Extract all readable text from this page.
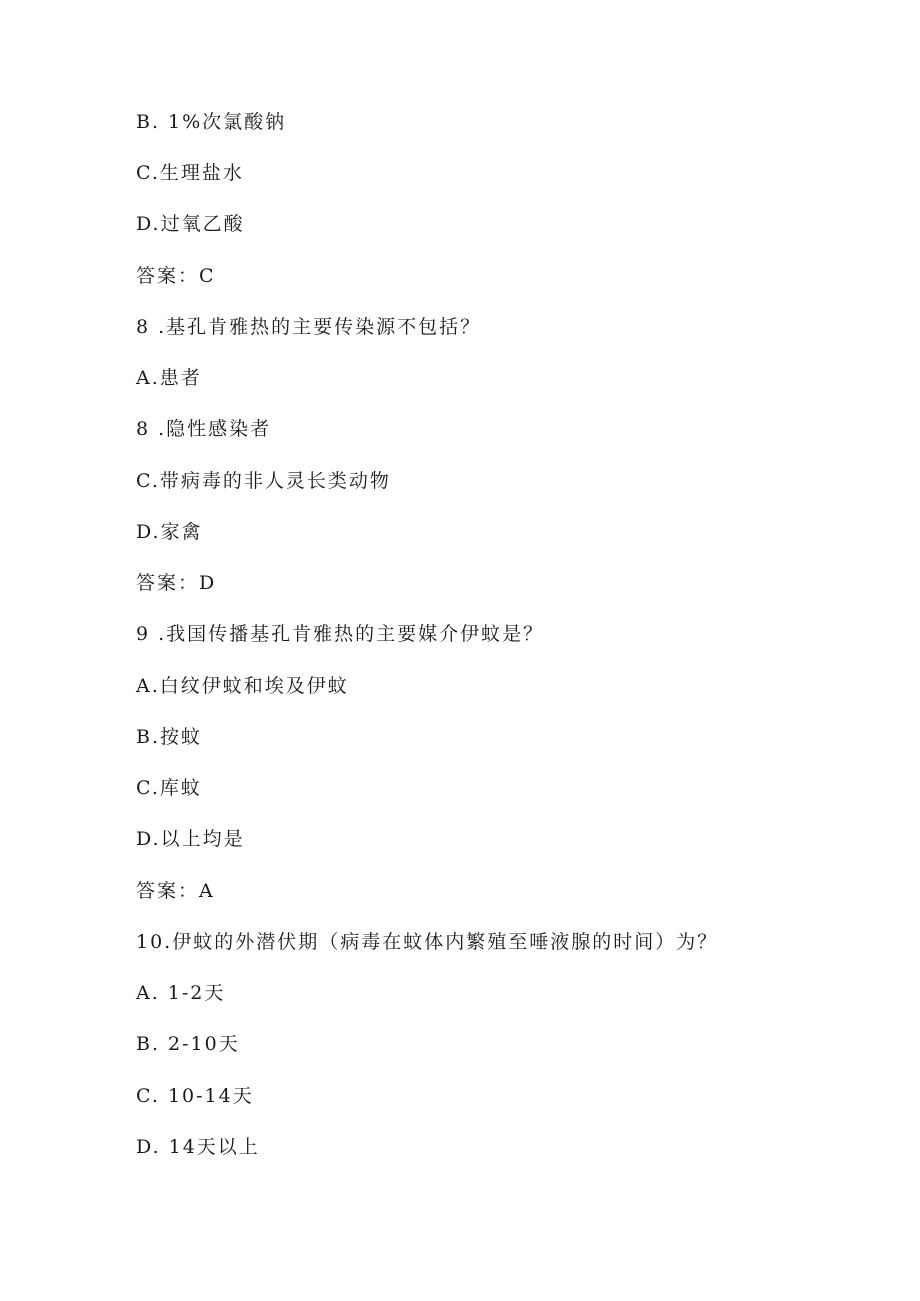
B. 1%次氯酸钠
C.生理盐水
D.过氧乙酸
答案：C
8 .基孔肯雅热的主要传染源不包括？
A.患者
8 .隐性感染者
C.带病毒的非人灵长类动物
D.家禽
答案：D
9 .我国传播基孔肯雅热的主要媒介伊蚊是？
A.白纹伊蚊和埃及伊蚊
B.按蚊
C.库蚊
D.以上均是
答案：A
10.伊蚊的外潜伏期（病毒在蚊体内繁殖至唾液腺的时间）为？
A. 1-2天
B. 2-10天
C. 10-14天
D. 14天以上
